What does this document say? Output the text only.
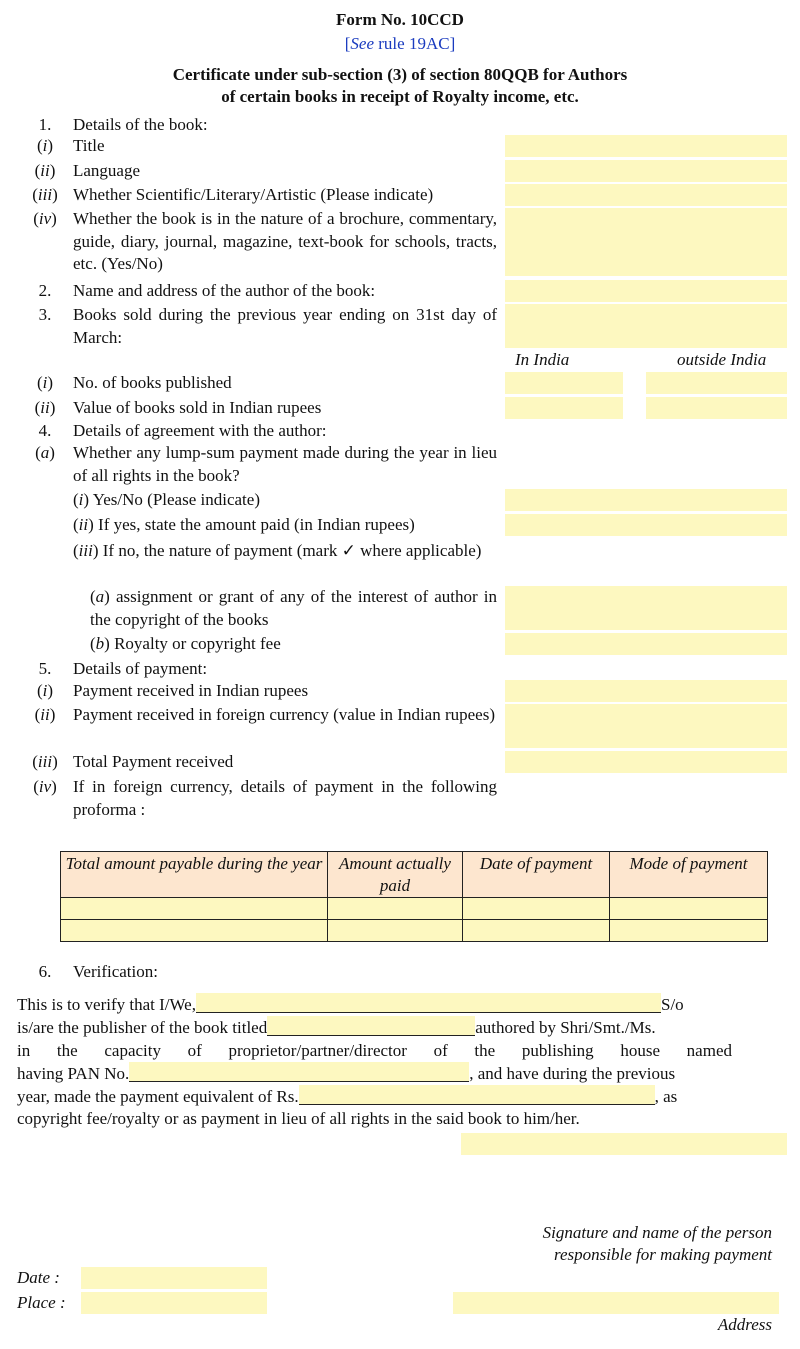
Form No. 10CCD
[See rule 19AC]
Certificate under sub-section (3) of section 80QQB for Authors
of certain books in receipt of Royalty income, etc.
1.	Details of the book:
(i)	Title
(ii)	Language
(iii) Whether Scientific/Literary/Artistic (Please indicate)
(iv) Whether the book is in the nature of a brochure, commentary, guide, diary, journal, magazine, text-book for schools, tracts, etc. (Yes/No)
2.	Name and address of the author of the book:
3.	Books sold during the previous year ending on 31st day of March:
In India	outside India
(i)	No. of books published
(ii)	Value of books sold in Indian rupees
4.	Details of agreement with the author:
(a)	Whether any lump-sum payment made during the year in lieu of all rights in the book?
(i) Yes/No (Please indicate)
(ii) If yes, state the amount paid (in Indian rupees)
(iii) If no, the nature of payment (mark ✓ where applicable)
(a) assignment or grant of any of the interest of author in the copyright of the books
(b) Royalty or copyright fee
5.	Details of payment:
(i)	Payment received in Indian rupees
(ii)	Payment received in foreign currency (value in Indian rupees)
(iii) Total Payment received
(iv) If in foreign currency, details of payment in the following proforma :
Total amount payable during the year	Amount actually paid	Date of payment	Mode of payment

6.	Verification:
This is to verify that I/We,	S/o
is/are the publisher of the book titled	authored by Shri/Smt./Ms.
in the capacity of proprietor/partner/director of the publishing house named
having PAN No.	, and have during the previous
year, made the payment equivalent of Rs.	, as
copyright fee/royalty or as payment in lieu of all rights in the said book to him/her.
Signature and name of the person
responsible for making payment
Date :
Place :
Address
